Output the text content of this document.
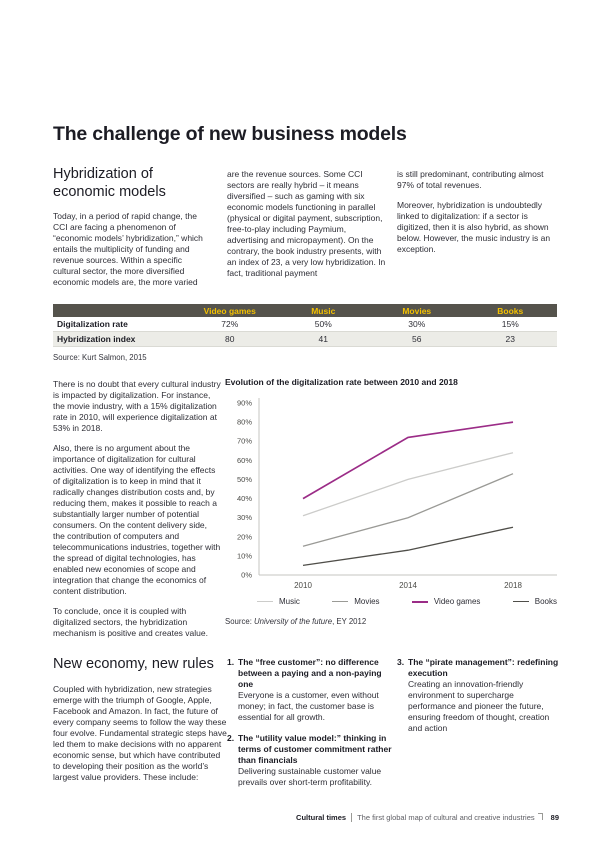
The challenge of new business models
Hybridization of economic models

Today, in a period of rapid change, the CCI are facing a phenomenon of “economic models’ hybridization,” which entails the multiplicity of funding and revenue sources. Within a specific cultural sector, the more diversified economic models are, the more varied

are the revenue sources. Some CCI sectors are really hybrid – it means diversified – such as gaming with six economic models functioning in parallel (physical or digital payment, subscription, free-to-play including Paymium, advertising and micropayment). On the contrary, the book industry presents, with an index of 23, a very low hybridization. In fact, traditional payment

is still predominant, contributing almost 97% of total revenues.

Moreover, hybridization is undoubtedly linked to digitalization: if a sector is digitized, then it is also hybrid, as shown below. However, the music industry is an exception.

Video games	Music	Movies	Books
Digitalization rate	72%	50%	30%	15%
Hybridization index	80	41	56	23
Source: Kurt Salmon, 2015

There is no doubt that every cultural industry is impacted by digitalization. For instance, the movie industry, with a 15% digitalization rate in 2010, will experience digitalization at 53% in 2018.

Also, there is no argument about the importance of digitalization for cultural activities. One way of identifying the effects of digitalization is to keep in mind that it radically changes distribution costs and, by reducing them, makes it possible to reach a substantially larger number of potential consumers. On the content delivery side, the contribution of computers and telecommunications industries, together with the spread of digital technologies, has enabled new economies of scope and integration that change the economics of content distribution.

To conclude, once it is coupled with digitalized sectors, the hybridization mechanism is positive and creates value.

Evolution of the digitalization rate between 2010 and 2018
0%
10%
20%
30%
40%
50%
60%
70%
80%
90%
2010	2014	2018
Music	Movies	Video games	Books
Source: University of the future, EY 2012
New economy, new rules

Coupled with hybridization, new strategies emerge with the triumph of Google, Apple, Facebook and Amazon. In fact, the future of every company seems to follow the way these four evolve. Fundamental strategic steps have led them to make decisions with no apparent economic sense, but which have contributed to developing their position as the world’s largest value providers. These include:

1. The “free customer”: no difference between a paying and a non-paying one
Everyone is a customer, even without money; in fact, the customer base is essential for all growth.
2. The “utility value model:” thinking in terms of customer commitment rather than financials
Delivering sustainable customer value prevails over short-term profitability.
3. The “pirate management”: redefining execution
Creating an innovation-friendly environment to supercharge performance and pioneer the future, ensuring freedom of thought, creation and action
Cultural times The first global map of cultural and creative industries 89
